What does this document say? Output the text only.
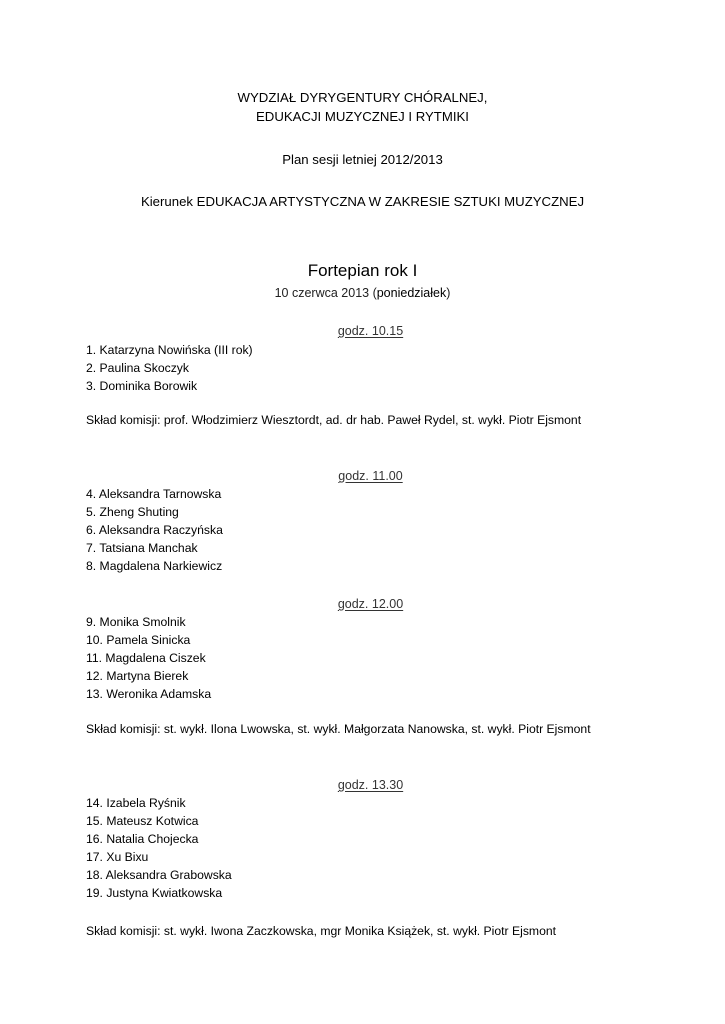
WYDZIAŁ DYRYGENTURY CHÓRALNEJ,
EDUKACJI MUZYCZNEJ I RYTMIKI
Plan sesji letniej 2012/2013
Kierunek EDUKACJA ARTYSTYCZNA W ZAKRESIE SZTUKI MUZYCZNEJ
Fortepian rok I
10 czerwca 2013 (poniedziałek)
godz. 10.15
1. Katarzyna Nowińska (III rok)
2. Paulina Skoczyk
3. Dominika Borowik
Skład komisji: prof. Włodzimierz Wiesztordt, ad. dr hab. Paweł Rydel, st. wykł. Piotr Ejsmont
godz. 11.00
4. Aleksandra Tarnowska
5. Zheng Shuting
6. Aleksandra Raczyńska
7. Tatsiana Manchak
8. Magdalena Narkiewicz
godz. 12.00
9. Monika Smolnik
10. Pamela Sinicka
11. Magdalena Ciszek
12. Martyna Bierek
13. Weronika Adamska
Skład komisji: st. wykł. Ilona Lwowska, st. wykł. Małgorzata Nanowska, st. wykł. Piotr Ejsmont
godz. 13.30
14. Izabela Ryśnik
15. Mateusz Kotwica
16. Natalia Chojecka
17. Xu Bixu
18. Aleksandra Grabowska
19. Justyna Kwiatkowska
Skład komisji: st. wykł. Iwona Zaczkowska, mgr Monika Książek, st. wykł. Piotr Ejsmont
